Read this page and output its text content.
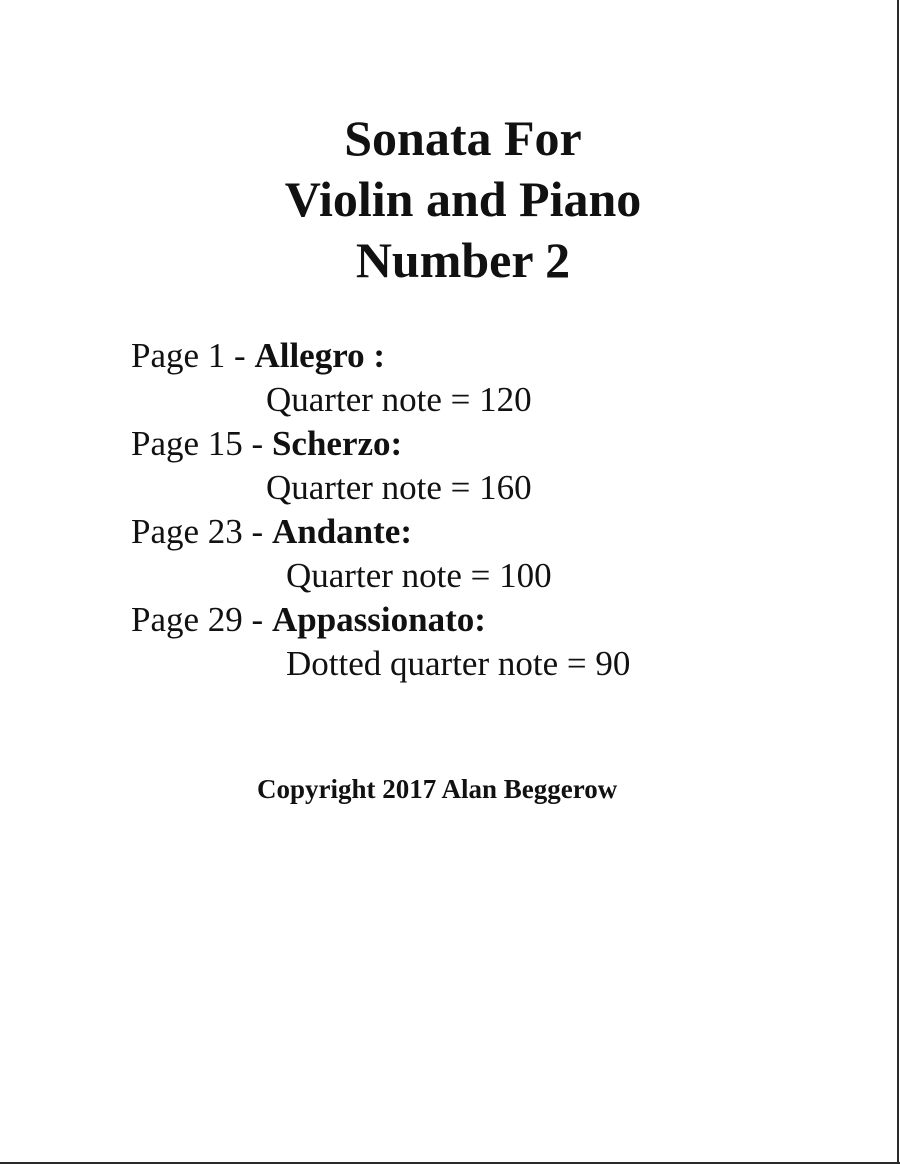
Sonata For
Violin and Piano
Number 2
Page 1 - Allegro :
Quarter note = 120
Page 15 - Scherzo:
Quarter note = 160
Page 23 - Andante:
Quarter note = 100
Page 29 - Appassionato:
Dotted quarter note = 90
Copyright 2017 Alan Beggerow
